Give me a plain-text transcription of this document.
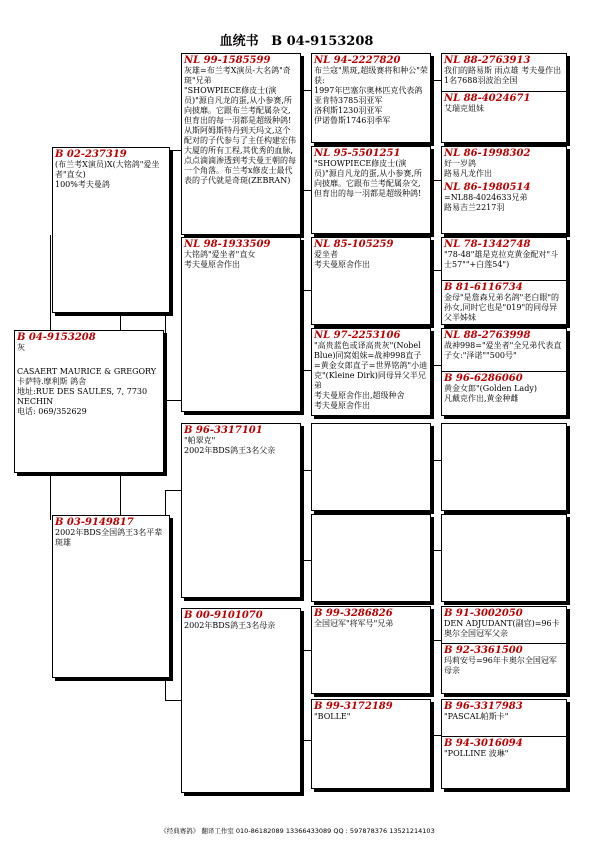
血统书 B 04-9153208
B 02-237319
(布兰考X演员)X(大铭鸽"爱坐者"直女)
100%考夫曼鸽
B 04-9153208
灰
CASAERT MAURICE & GREGORY 卡萨特.摩利斯 鸽舍
地址:RUE DES SAULES, 7, 7730 NECHIN
电话: 069/352629
B 03-9149817
2002年BDS全国鸽王3名平辈
斑雄
NL 99-1585599
灰雄=布兰考X演员-大名鸽"奇斑"兄弟
"SHOWPIECE修皮士(演员)"源自凡龙的蛋,从小参赛,所向披靡。它跟布兰考配属杂交,但育出的每一羽都是超级种鸽!从斯阿姆斯特丹到天玛文,这个配对的子代参与了主任构建宏伟大厦的所有工程,其优秀的血脉,点点滴滴渗透到考夫曼王朝的每一个角落。布兰考x修皮士最代表的子代就是奇斑(ZEBRAN)
NL 98-1933509
大铭鸽"爱坐者"直女
考夫曼原舍作出
B 96-3317101
"帕翠克"
2002年BDS鸽王3名父亲
B 00-9101070
2002年BDS鸽王3名母亲
NL 94-2227820
布兰寇"黑斑,超级赛将和种公"荣获:
1997年巴塞尔奥林匹克代表鸽亚肯特3785羽亚军
洛利斯1230羽亚军
伊诺鲁斯1746羽季军
NL 95-5501251
"SHOWPIECE修皮士(演员)"源自凡龙的蛋,从小参赛,所向披靡。它跟布兰考配属杂交,但育出的每一羽都是超级种鸽!
NL 85-105259
爱坐者
考夫曼原舍作出
NL 97-2253106
"高贵蓝色或译高贵灰"(Nobel Blue)同窝姐妹=战神998直子=黄金女郎直子=世界铭鸽"小迪克"(Kleine Dirk)同母异父半兄弟
考夫曼原舍作出,超级种舍
考夫曼原舍作出
B 99-3286826
全国冠军"将军号"兄弟
B 99-3172189
"BOLLE"
NL 88-2763913
我们的路易斯 雨点雄 考夫曼作出1名7688羽波治全国
NL 88-4024671
艾瑞克姐妹
NL 86-1998302
好一岁鸽
路易凡龙作出
NL 86-1980514
=NL88-4024633兄弟
路易吉兰2217羽
NL 78-1342748
"78-48"雄是克拉克黄金配对"斗士57""+白莲54")
B 81-6116734
金母"是詹森兄弟名鸽"老白眼"的孙女,同时它也是"019"的同母异父半姊妹
NL 88-2763998
战神998="爱坐者"全兄弟代表直子女:"泽诺""500号"
B 96-6286060
黄金女郎"(Golden Lady)
凡戴克作出,黄金种雌
B 91-3002050
DEN ADJUDANT(副官)=96卡奥尔全国冠军父亲
B 92-3361500
玛莉安号=96年卡奥尔全国冠军母亲
B 96-3317983
"PASCAL帕斯卡"
B 94-3016094
"POLLINE 波琳"
《经典赛鸽》 翻译工作室 010-86182089 13366433089 QQ : 597878376 13521214103
